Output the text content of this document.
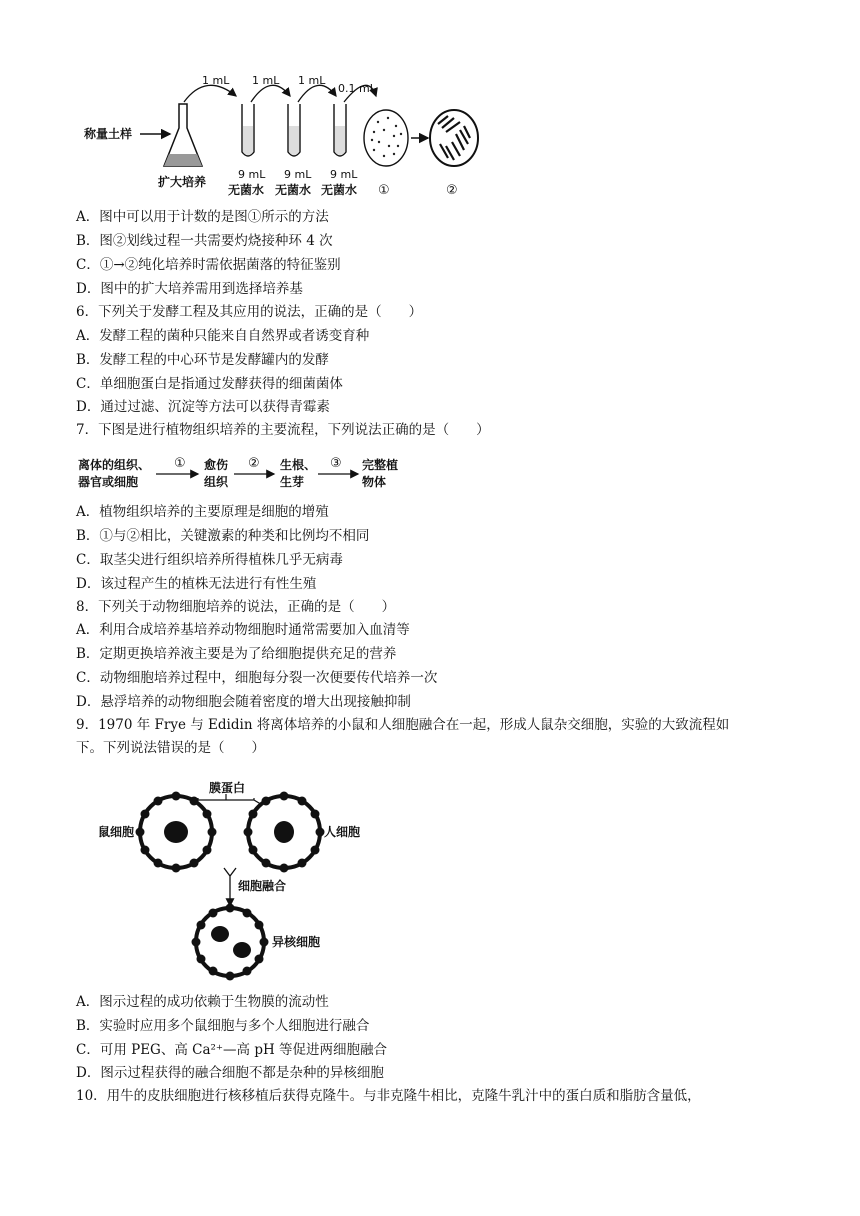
称量土样
扩大培养
1 mL 1 mL 1 mL
0.1 mL
9 mL 9 mL 9 mL
无菌水 无菌水 无菌水 ①	②
A．图中可以用于计数的是图①所示的方法
B．图②划线过程一共需要灼烧接种环 4 次
C．①→②纯化培养时需依据菌落的特征鉴别
D．图中的扩大培养需用到选择培养基
6．下列关于发酵工程及其应用的说法，正确的是（　　）
A．发酵工程的菌种只能来自自然界或者诱变育种
B．发酵工程的中心环节是发酵罐内的发酵
C．单细胞蛋白是指通过发酵获得的细菌菌体
D．通过过滤、沉淀等方法可以获得青霉素
7．下图是进行植物组织培养的主要流程，下列说法正确的是（　　）
离体的组织、
器官或细胞
① 愈伤
组织
② 生根、
生芽
③ 完整植
物体
A．植物组织培养的主要原理是细胞的增殖
B．①与②相比，关键激素的种类和比例均不相同
C．取茎尖进行组织培养所得植株几乎无病毒
D．该过程产生的植株无法进行有性生殖
8．下列关于动物细胞培养的说法，正确的是（　　）
A．利用合成培养基培养动物细胞时通常需要加入血清等
B．定期更换培养液主要是为了给细胞提供充足的营养
C．动物细胞培养过程中，细胞每分裂一次便要传代培养一次
D．悬浮培养的动物细胞会随着密度的增大出现接触抑制
9．1970 年 Frye 与 Edidin 将离体培养的小鼠和人细胞融合在一起，形成人鼠杂交细胞，实验的大致流程如
下。下列说法错误的是（　　）
膜蛋白
鼠细胞	人细胞
细胞融合
异核细胞
A．图示过程的成功依赖于生物膜的流动性
B．实验时应用多个鼠细胞与多个人细胞进行融合
C．可用 PEG、高 Ca²⁺—高 pH 等促进两细胞融合
D．图示过程获得的融合细胞不都是杂种的异核细胞
10．用牛的皮肤细胞进行核移植后获得克隆牛。与非克隆牛相比，克隆牛乳汁中的蛋白质和脂肪含量低，
